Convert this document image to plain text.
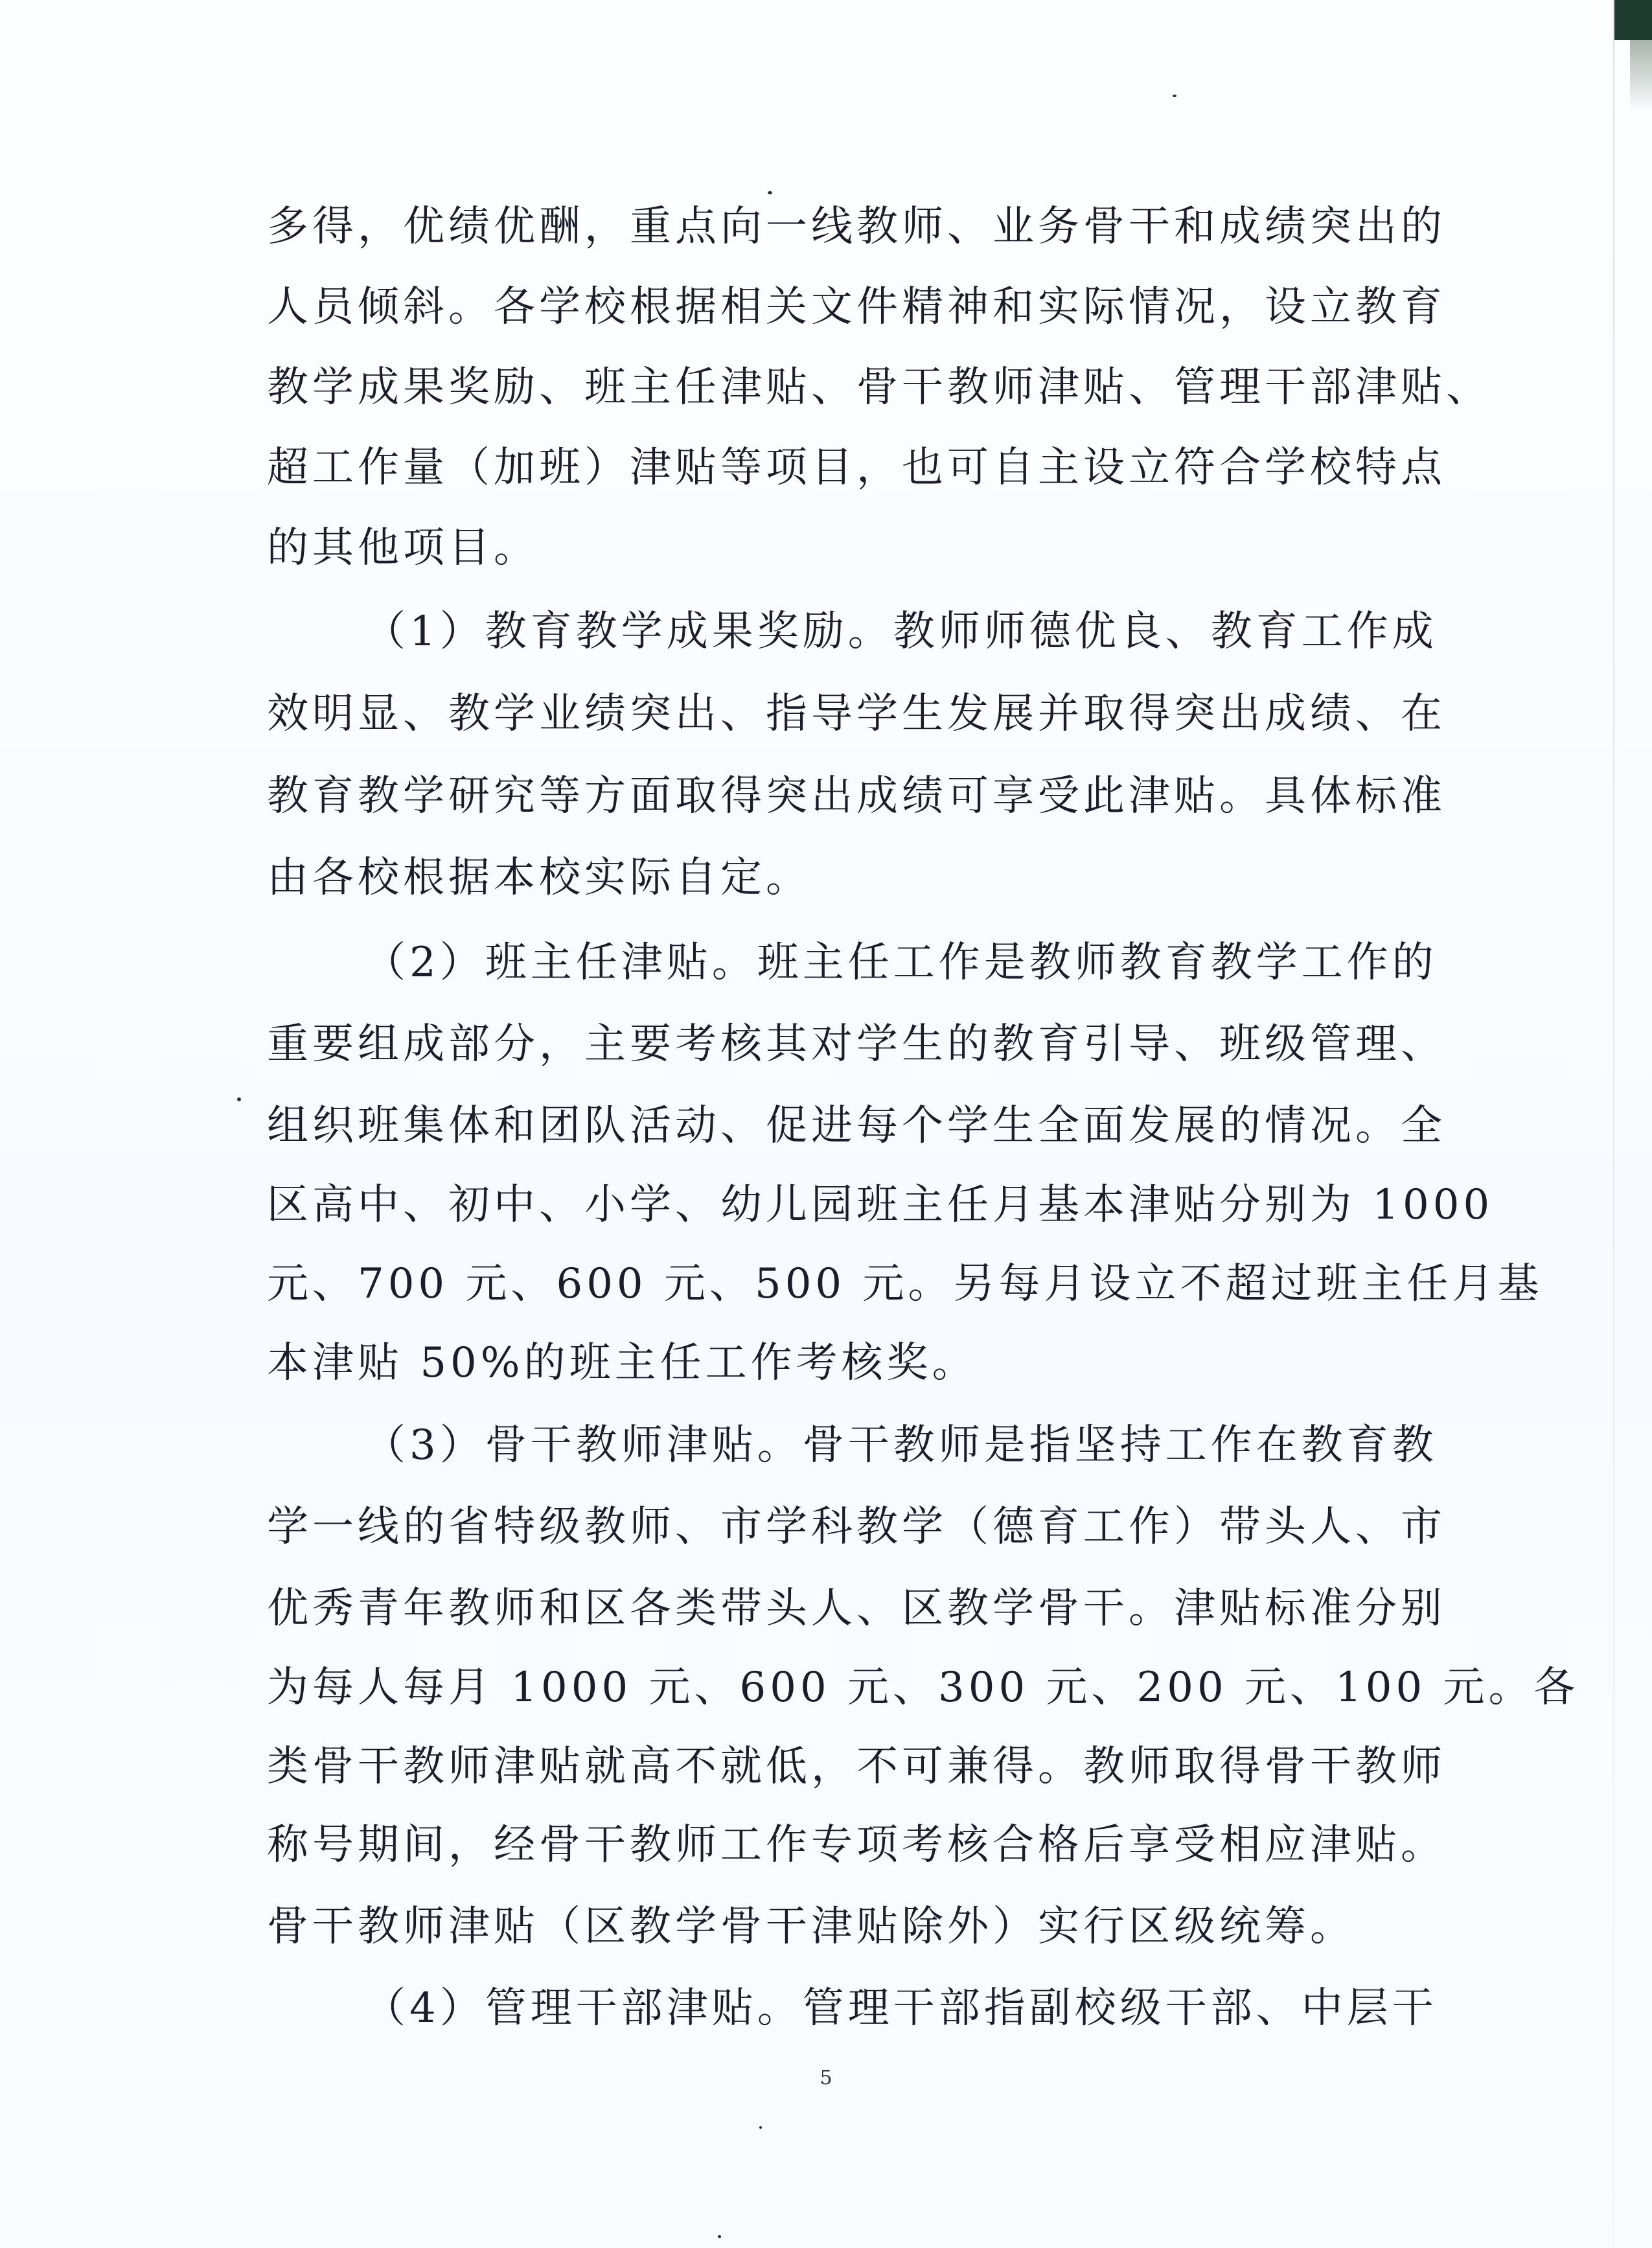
多得，优绩优酬，重点向一线教师、业务骨干和成绩突出的
人员倾斜。各学校根据相关文件精神和实际情况，设立教育
教学成果奖励、班主任津贴、骨干教师津贴、管理干部津贴、
超工作量（加班）津贴等项目，也可自主设立符合学校特点
的其他项目。
（1）教育教学成果奖励。教师师德优良、教育工作成
效明显、教学业绩突出、指导学生发展并取得突出成绩、在
教育教学研究等方面取得突出成绩可享受此津贴。具体标准
由各校根据本校实际自定。
（2）班主任津贴。班主任工作是教师教育教学工作的
重要组成部分，主要考核其对学生的教育引导、班级管理、
组织班集体和团队活动、促进每个学生全面发展的情况。全
区高中、初中、小学、幼儿园班主任月基本津贴分别为 1000
元、700 元、600 元、500 元。另每月设立不超过班主任月基
本津贴 50%的班主任工作考核奖。
（3）骨干教师津贴。骨干教师是指坚持工作在教育教
学一线的省特级教师、市学科教学（德育工作）带头人、市
优秀青年教师和区各类带头人、区教学骨干。津贴标准分别
为每人每月 1000 元、600 元、300 元、200 元、100 元。各
类骨干教师津贴就高不就低，不可兼得。教师取得骨干教师
称号期间，经骨干教师工作专项考核合格后享受相应津贴。
骨干教师津贴（区教学骨干津贴除外）实行区级统筹。
（4）管理干部津贴。管理干部指副校级干部、中层干
5
